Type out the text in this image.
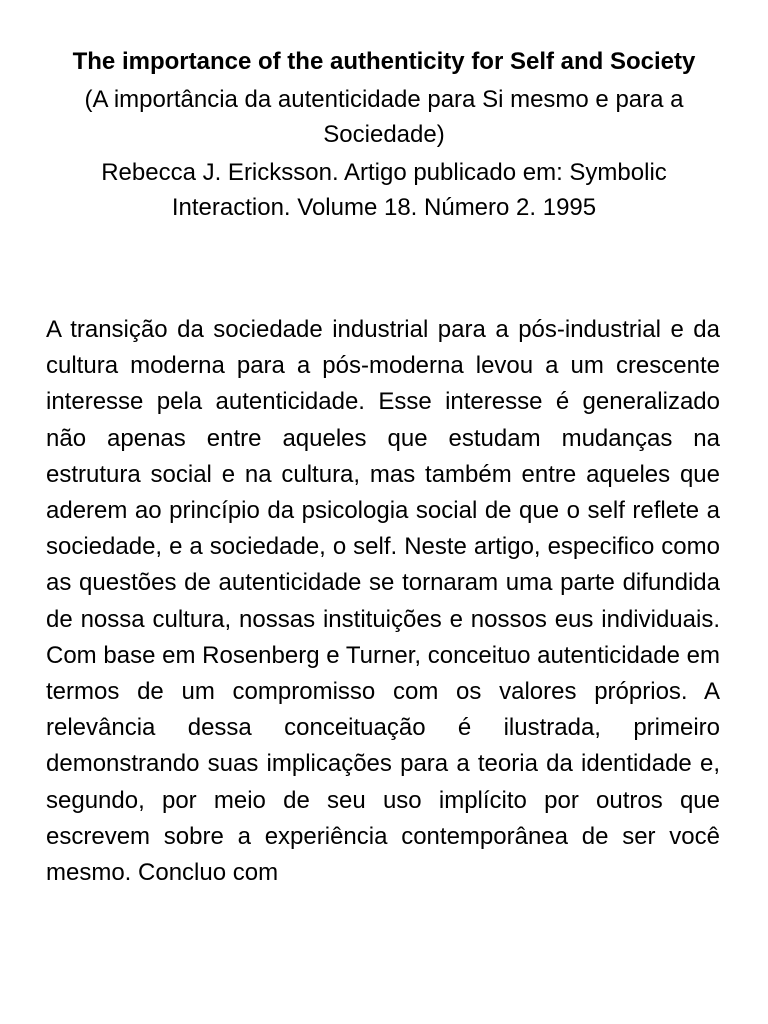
The importance of the authenticity for Self and Society

(A importância da autenticidade para Si mesmo e para a Sociedade)

Rebecca J. Ericksson. Artigo publicado em: Symbolic Interaction. Volume 18. Número 2. 1995

A transição da sociedade industrial para a pós-industrial e da cultura moderna para a pós-moderna levou a um crescente interesse pela autenticidade. Esse interesse é generalizado não apenas entre aqueles que estudam mudanças na estrutura social e na cultura, mas também entre aqueles que aderem ao princípio da psicologia social de que o self reflete a sociedade, e a sociedade, o self. Neste artigo, especifico como as questões de autenticidade se tornaram uma parte difundida de nossa cultura, nossas instituições e nossos eus individuais. Com base em Rosenberg e Turner, conceituo autenticidade em termos de um compromisso com os valores próprios. A relevância dessa conceituação é ilustrada, primeiro demonstrando suas implicações para a teoria da identidade e, segundo, por meio de seu uso implícito por outros que escrevem sobre a experiência contemporânea de ser você mesmo. Concluo com
